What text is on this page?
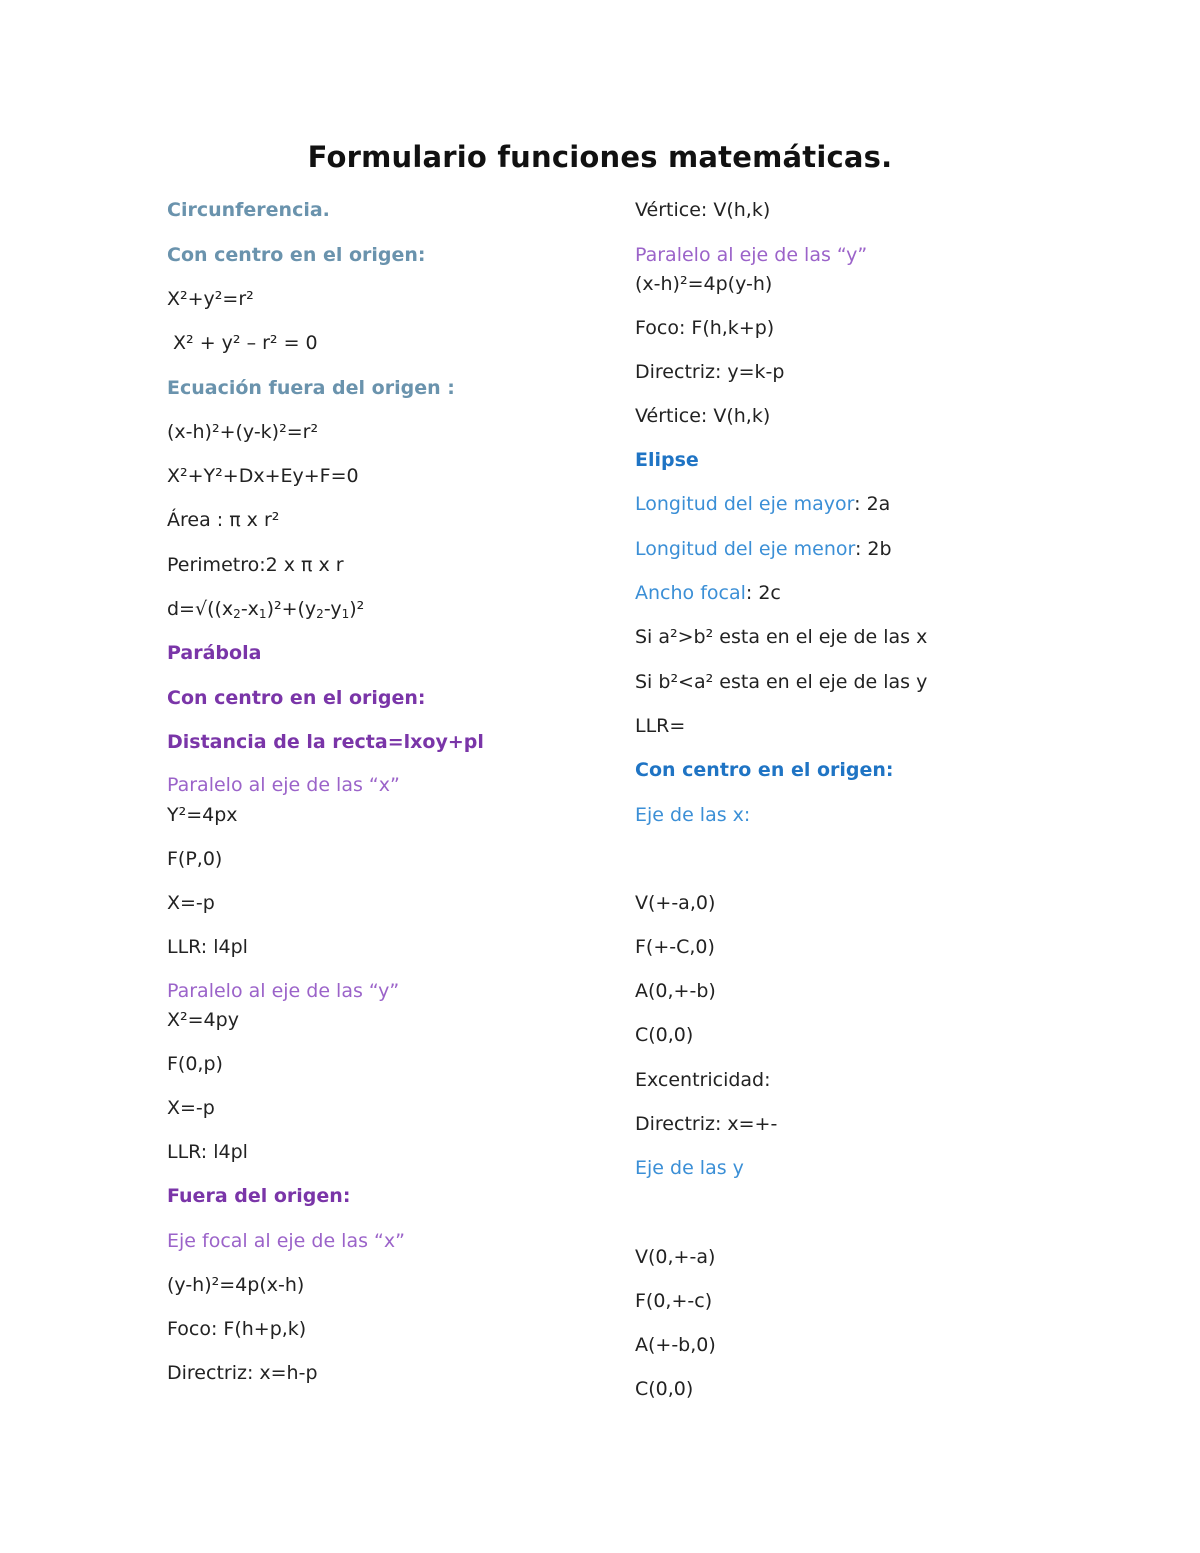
Formulario funciones matemáticas.
Circunferencia.
Con centro en el origen:
X²+y²=r²
X² + y² – r² = 0
Ecuación fuera del origen :
(x-h)²+(y-k)²=r²
X²+Y²+Dx+Ey+F=0
Área : π x r²
Perimetro:2 x π x r
$d=√((x_2-x_1)^2+(y_2-y_1)^2$
Parábola
Con centro en el origen:
Distancia de la recta=lxoy+pl
Paralelo al eje de las “x”
Y²=4px
F(P,0)
X=-p
LLR: l4pl
Paralelo al eje de las “y”
X²=4py
F(0,p)
X=-p
LLR: l4pl
Fuera del origen:
Eje focal al eje de las “x”
(y-h)²=4p(x-h)
Foco: F(h+p,k)
Directriz: x=h-p
Vértice: V(h,k)
Paralelo al eje de las “y”
(x-h)²=4p(y-h)
Foco: F(h,k+p)
Directriz: y=k-p
Vértice: V(h,k)
Elipse
Longitud del eje mayor: 2a
Longitud del eje menor: 2b
Ancho focal: 2c
Si a²>b² esta en el eje de las x
Si b²<a² esta en el eje de las y
LLR=
Con centro en el origen:
Eje de las x:
V(+-a,0)
F(+-C,0)
A(0,+-b)
C(0,0)
Excentricidad:
Directriz: x=+-
Eje de las y
V(0,+-a)
F(0,+-c)
A(+-b,0)
C(0,0)
